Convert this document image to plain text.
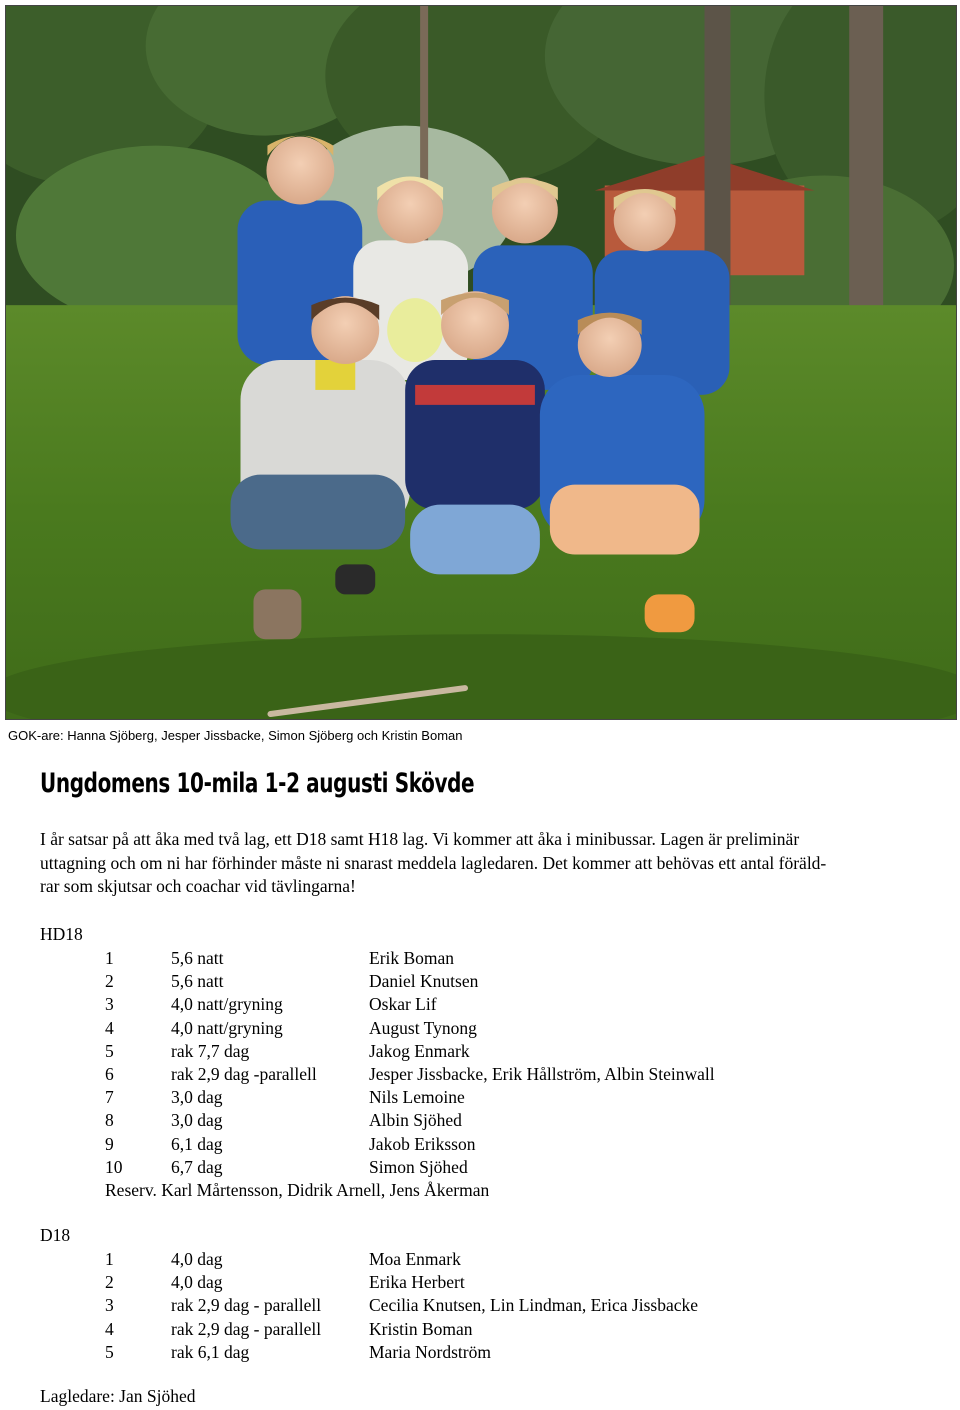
GOK-are: Hanna Sjöberg, Jesper Jissbacke, Simon Sjöberg och Kristin Boman
Ungdomens 10-mila 1-2 augusti Skövde
I år satsar på att åka med två lag, ett D18 samt H18 lag. Vi kommer att åka i minibussar. Lagen är preliminär
uttagning och om ni har förhinder måste ni snarast meddela lagledaren. Det kommer att behövas ett antal föräld-
rar som skjutsar och coachar vid tävlingarna!
HD18
1	5,6 natt	Erik Boman
2	5,6 natt	Daniel Knutsen
3	4,0 natt/gryning	Oskar Lif
4	4,0 natt/gryning	August Tynong
5	rak 7,7 dag	Jakog Enmark
6	rak 2,9 dag -parallell	Jesper Jissbacke, Erik Hållström, Albin Steinwall
7	3,0 dag	Nils Lemoine
8	3,0 dag	Albin Sjöhed
9	6,1 dag	Jakob Eriksson
10	6,7 dag	Simon Sjöhed
Reserv. Karl Mårtensson, Didrik Arnell, Jens Åkerman
D18
1	4,0 dag	Moa Enmark
2	4,0 dag	Erika Herbert
3	rak 2,9 dag - parallell	Cecilia Knutsen, Lin Lindman, Erica Jissbacke
4	rak 2,9 dag - parallell	Kristin Boman
5	rak 6,1 dag	Maria Nordström
Lagledare: Jan Sjöhed
